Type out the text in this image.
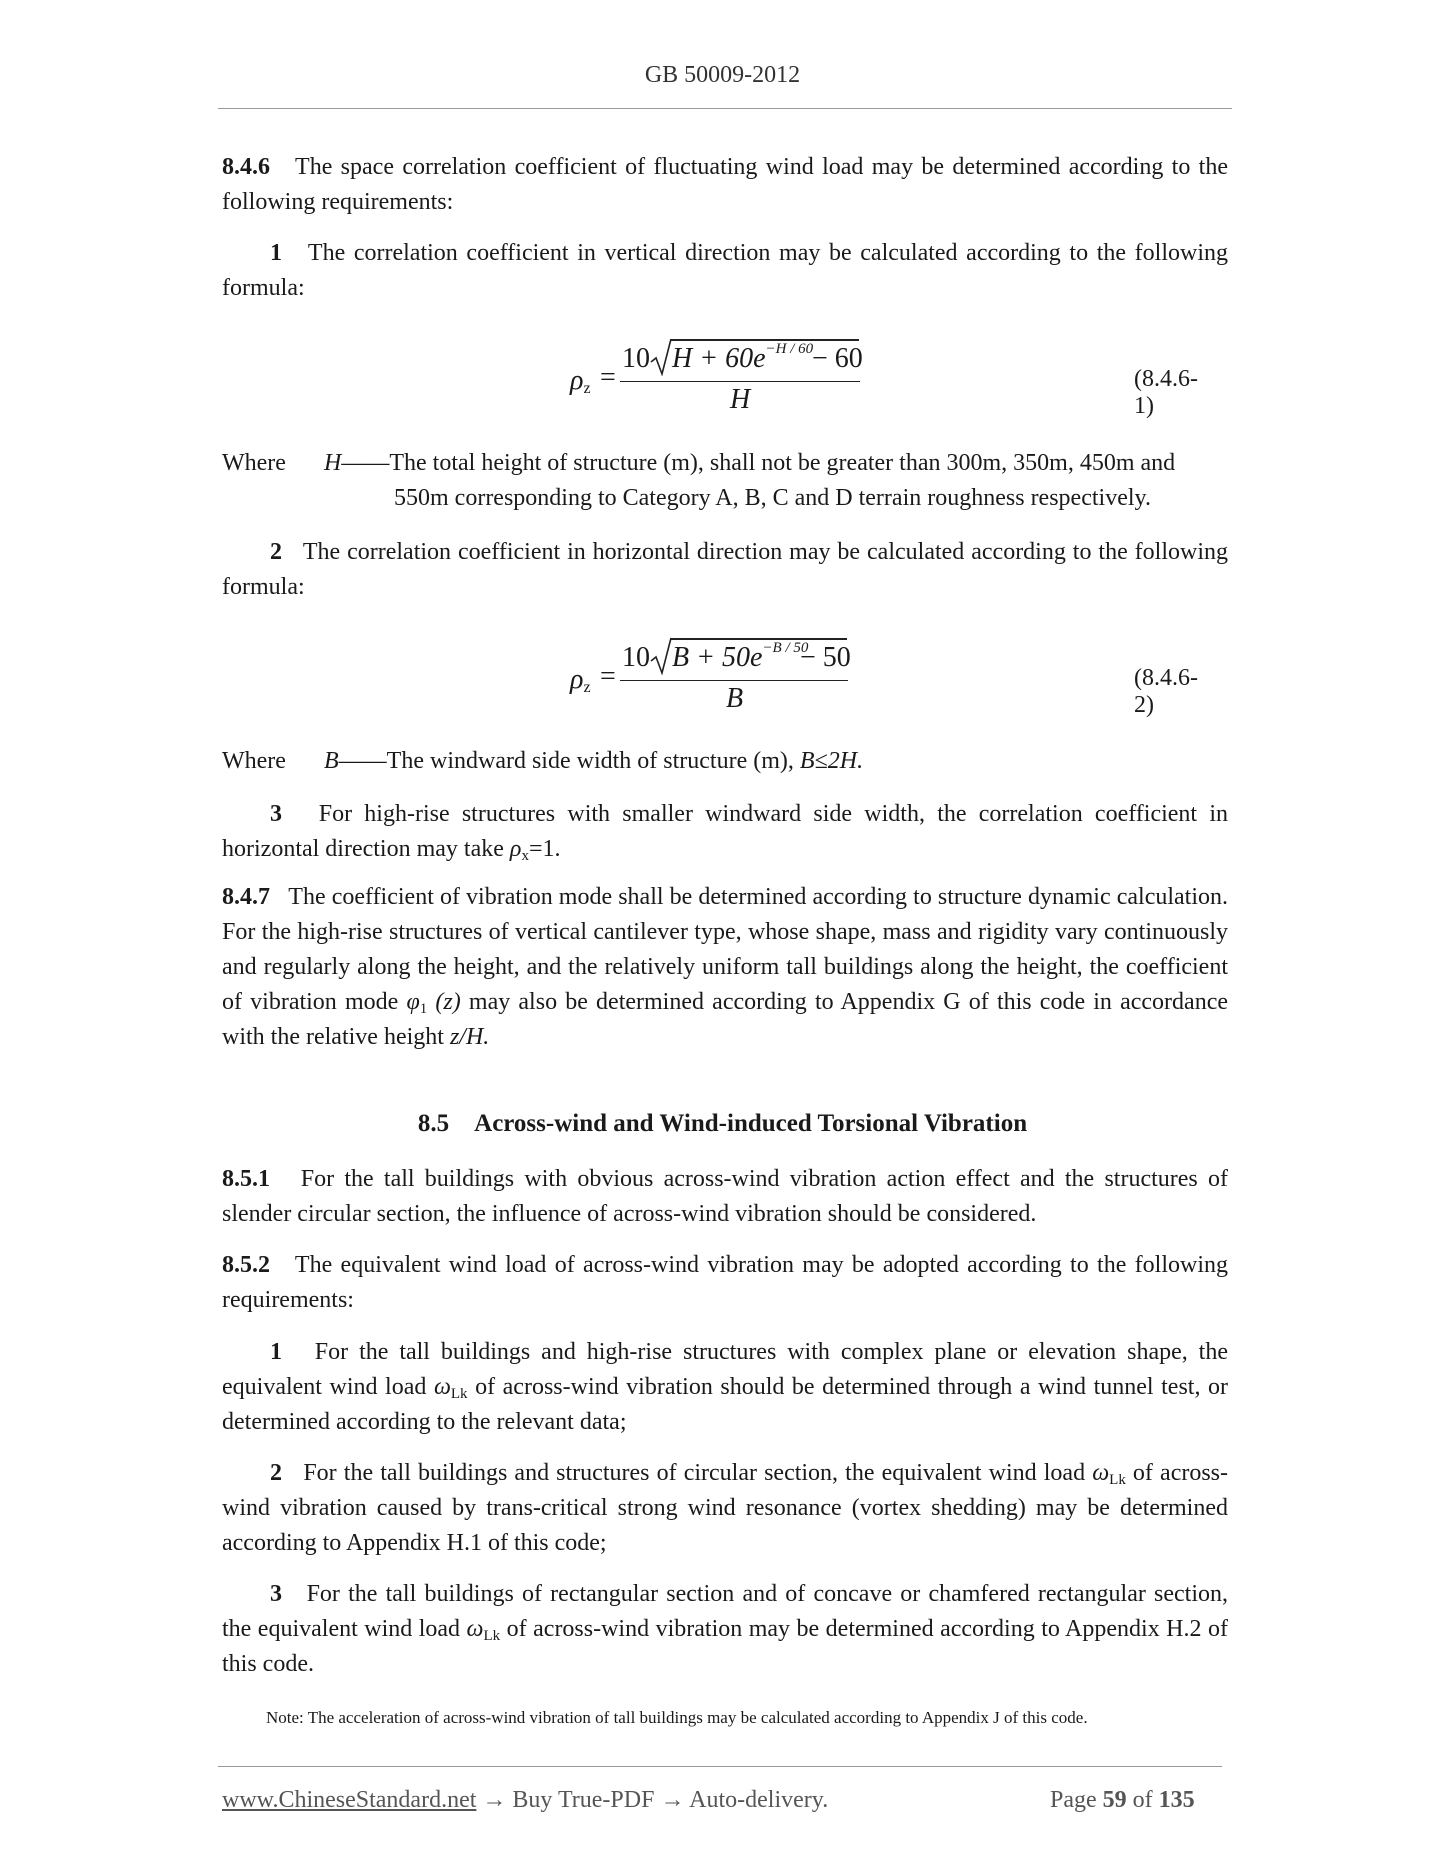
GB 50009-2012
8.4.6 The space correlation coefficient of fluctuating wind load may be determined according to the following requirements:
1 The correlation coefficient in vertical direction may be calculated according to the following formula:
$\rho_z$ =
10 $H + 60e^{-H / 60}$
− 60
H
(8.4.6-1)
Where H——The total height of structure (m), shall not be greater than 300m, 350m, 450m and
550m corresponding to Category A, B, C and D terrain roughness respectively.
2 The correlation coefficient in horizontal direction may be calculated according to the following formula:
$\rho_z$ =
10 $B + 50e^{-B / 50}$
− 50
B
(8.4.6-2)
Where B——The windward side width of structure (m), B≤2H.
3 For high-rise structures with smaller windward side width, the correlation coefficient in horizontal direction may take $\rho_x=1$.
8.4.7 The coefficient of vibration mode shall be determined according to structure dynamic calculation. For the high-rise structures of vertical cantilever type, whose shape, mass and rigidity vary continuously and regularly along the height, and the relatively uniform tall buildings along the height, the coefficient of vibration mode $\varphi_1$ (z) may also be determined according to Appendix G of this code in accordance with the relative height z/H.
8.5 Across-wind and Wind-induced Torsional Vibration
8.5.1 For the tall buildings with obvious across-wind vibration action effect and the structures of slender circular section, the influence of across-wind vibration should be considered.
8.5.2 The equivalent wind load of across-wind vibration may be adopted according to the following requirements:
1 For the tall buildings and high-rise structures with complex plane or elevation shape, the equivalent wind load $\omega_{Lk}$ of across-wind vibration should be determined through a wind tunnel test, or determined according to the relevant data;
2 For the tall buildings and structures of circular section, the equivalent wind load $\omega_{Lk}$ of across-wind vibration caused by trans-critical strong wind resonance (vortex shedding) may be determined according to Appendix H.1 of this code;
3 For the tall buildings of rectangular section and of concave or chamfered rectangular section, the equivalent wind load $\omega_{Lk}$ of across-wind vibration may be determined according to Appendix H.2 of this code.
Note: The acceleration of across-wind vibration of tall buildings may be calculated according to Appendix J of this code.
www.ChineseStandard.net → Buy True-PDF → Auto-delivery.	Page 59 of 135
